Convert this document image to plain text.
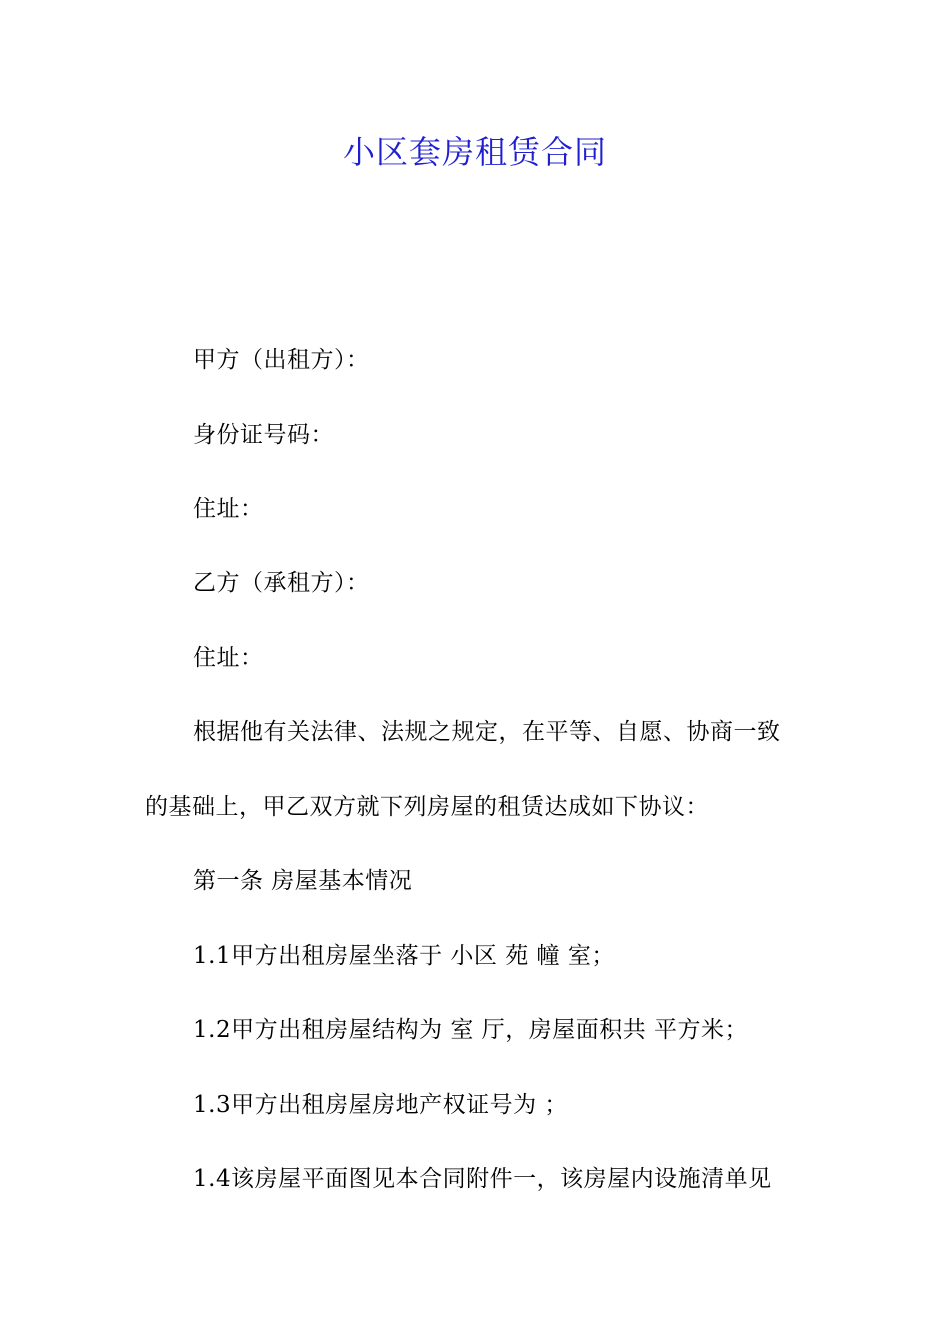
小区套房租赁合同
甲方（出租方）：
身份证号码：
住址：
乙方（承租方）：
住址：
根据他有关法律、法规之规定，在平等、自愿、协商一致
的基础上，甲乙双方就下列房屋的租赁达成如下协议：
第一条 房屋基本情况
1.1甲方出租房屋坐落于 小区 苑 幢 室；
1.2甲方出租房屋结构为 室 厅，房屋面积共 平方米；
1.3甲方出租房屋房地产权证号为 ；
1.4该房屋平面图见本合同附件一，该房屋内设施清单见
